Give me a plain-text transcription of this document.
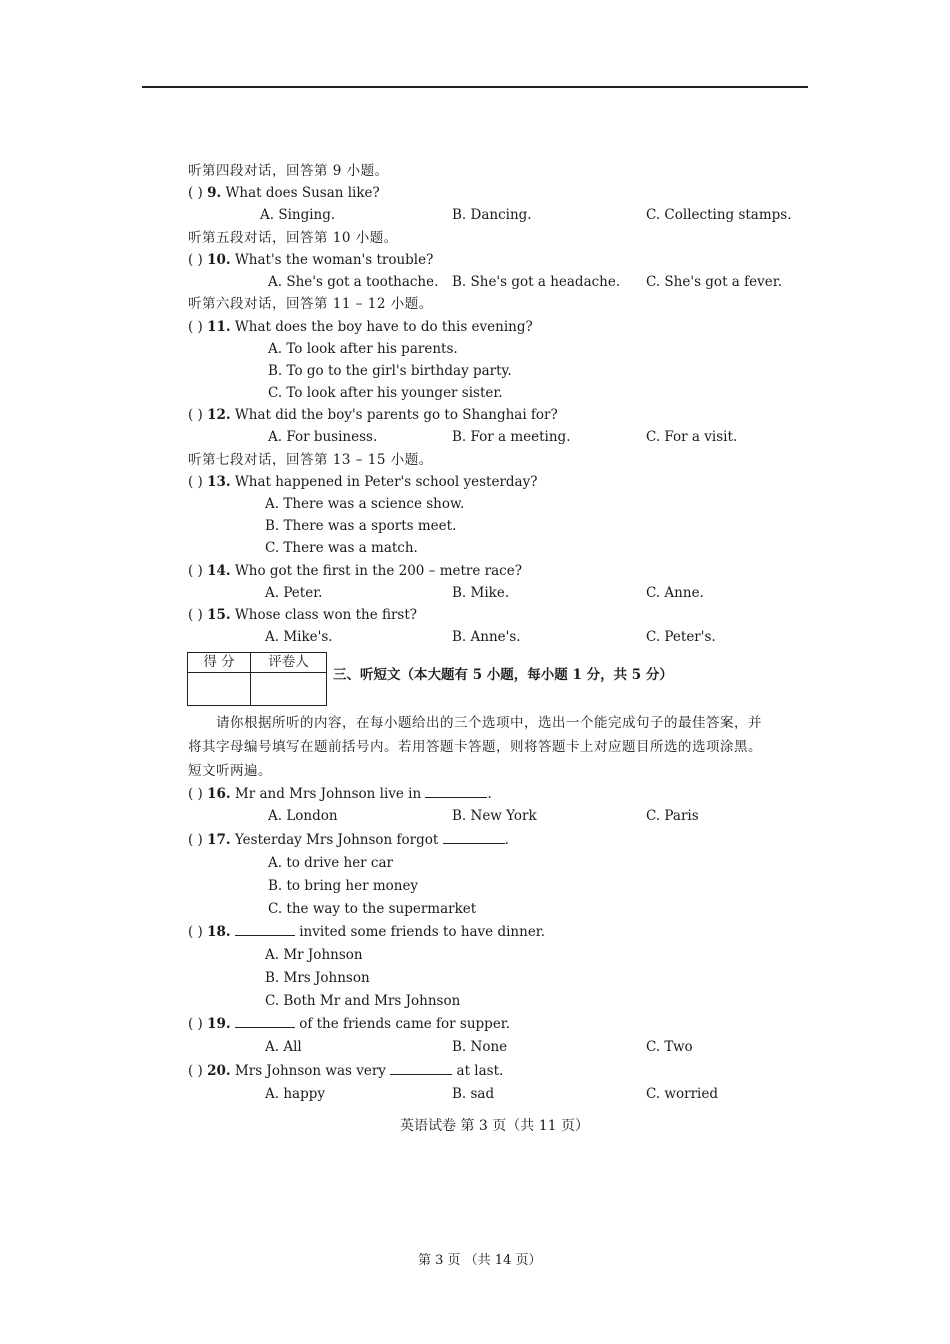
听第四段对话，回答第 9 小题。
( ) 9. What does Susan like?
A. Singing.	B. Dancing.	C. Collecting stamps.
听第五段对话，回答第 10 小题。
( ) 10. What's the woman's trouble?
A. She's got a toothache. B. She's got a headache. C. She's got a fever.
听第六段对话，回答第 11 – 12 小题。
( ) 11. What does the boy have to do this evening?
A. To look after his parents.
B. To go to the girl's birthday party.
C. To look after his younger sister.
( ) 12. What did the boy's parents go to Shanghai for?
A. For business.	B. For a meeting.	C. For a visit.
听第七段对话，回答第 13 – 15 小题。
( ) 13. What happened in Peter's school yesterday?
A. There was a science show.
B. There was a sports meet.
C. There was a match.
( ) 14. Who got the first in the 200 – metre race?
A. Peter.	B. Mike.	C. Anne.
( ) 15. Whose class won the first?
A. Mike's.	B. Anne's.	C. Peter's.
得 分	评卷人
三、听短文（本大题有 5 小题，每小题 1 分，共 5 分）
请你根据所听的内容，在每小题给出的三个选项中，选出一个能完成句子的最佳答案，并
将其字母编号填写在题前括号内。若用答题卡答题，则将答题卡上对应题目所选的选项涂黑。
短文听两遍。
( ) 16. Mr and Mrs Johnson live in	.
A. London	B. New York	C. Paris
( ) 17. Yesterday Mrs Johnson forgot	.
A. to drive her car
B. to bring her money
C. the way to the supermarket
( ) 18.	invited some friends to have dinner.
A. Mr Johnson
B. Mrs Johnson
C. Both Mr and Mrs Johnson
( ) 19.	of the friends came for supper.
A. All	B. None	C. Two
( ) 20. Mrs Johnson was very	at last.
A. happy	B. sad	C. worried
英语试卷 第 3 页（共 11 页）
第 3 页 （共 14 页）
